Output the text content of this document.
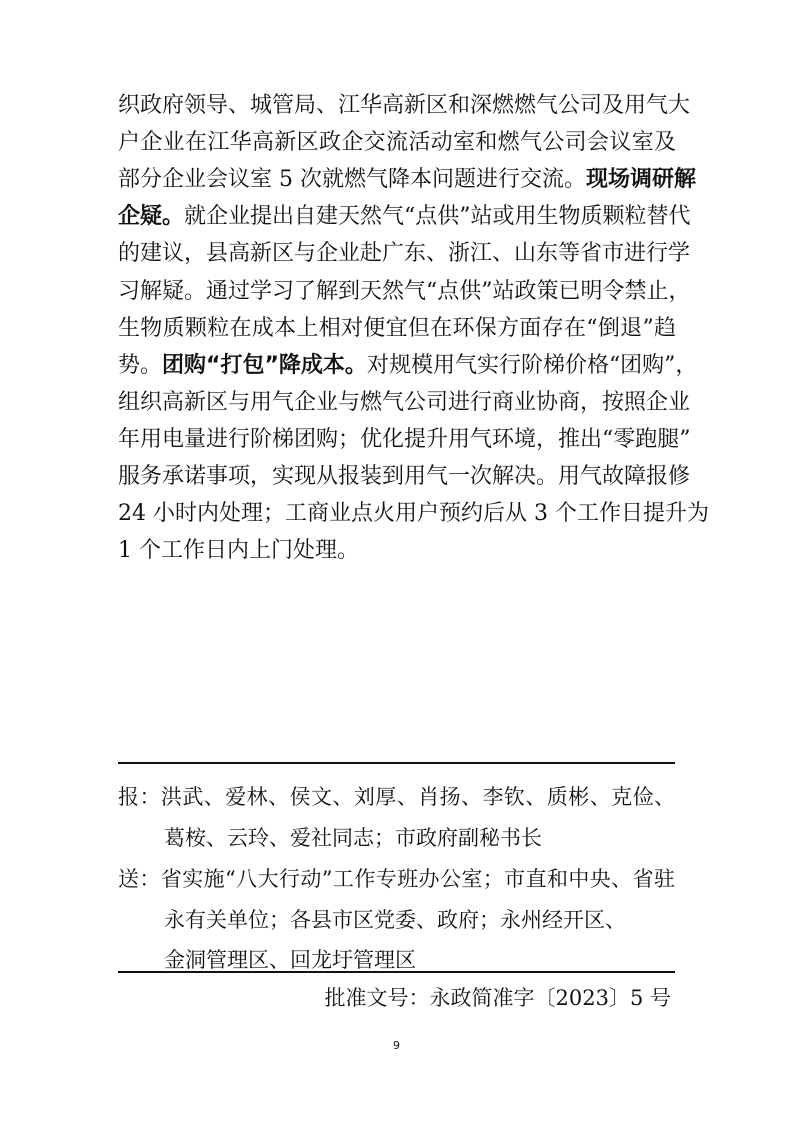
织政府领导、城管局、江华高新区和深燃燃气公司及用气大
户企业在江华高新区政企交流活动室和燃气公司会议室及
部分企业会议室 5 次就燃气降本问题进行交流。现场调研解
企疑。就企业提出自建天然气“点供”站或用生物质颗粒替代
的建议，县高新区与企业赴广东、浙江、山东等省市进行学
习解疑。通过学习了解到天然气“点供”站政策已明令禁止，
生物质颗粒在成本上相对便宜但在环保方面存在“倒退”趋
势。团购“打包”降成本。对规模用气实行阶梯价格“团购”，
组织高新区与用气企业与燃气公司进行商业协商，按照企业
年用电量进行阶梯团购；优化提升用气环境，推出“零跑腿”
服务承诺事项，实现从报装到用气一次解决。用气故障报修
24 小时内处理；工商业点火用户预约后从 3 个工作日提升为
1 个工作日内上门处理。
报：洪武、爱林、侯文、刘厚、肖扬、李钦、质彬、克俭、
葛桉、云玲、爱社同志；市政府副秘书长
送：省实施“八大行动”工作专班办公室；市直和中央、省驻
永有关单位；各县市区党委、政府；永州经开区、
金洞管理区、回龙圩管理区
批准文号：永政简准字〔2023〕5 号
9
